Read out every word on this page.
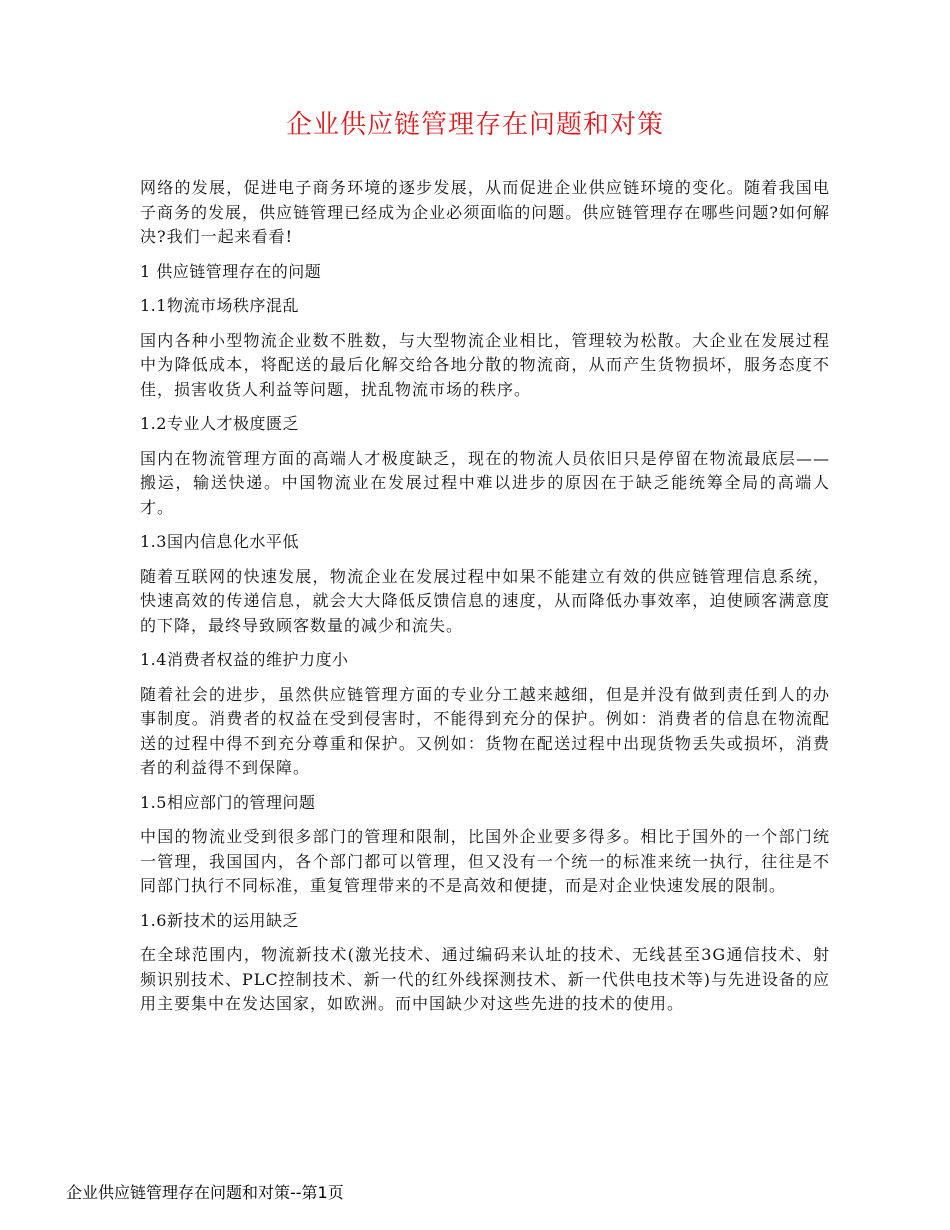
企业供应链管理存在问题和对策

网络的发展，促进电子商务环境的逐步发展，从而促进企业供应链环境的变化。随着我国电子商务的发展，供应链管理已经成为企业必须面临的问题。供应链管理存在哪些问题?如何解决?我们一起来看看!

1 供应链管理存在的问题

1.1物流市场秩序混乱

国内各种小型物流企业数不胜数，与大型物流企业相比，管理较为松散。大企业在发展过程中为降低成本，将配送的最后化解交给各地分散的物流商，从而产生货物损坏，服务态度不佳，损害收货人利益等问题，扰乱物流市场的秩序。

1.2专业人才极度匮乏

国内在物流管理方面的高端人才极度缺乏，现在的物流人员依旧只是停留在物流最底层——搬运，输送快递。中国物流业在发展过程中难以进步的原因在于缺乏能统筹全局的高端人才。

1.3国内信息化水平低

随着互联网的快速发展，物流企业在发展过程中如果不能建立有效的供应链管理信息系统，快速高效的传递信息，就会大大降低反馈信息的速度，从而降低办事效率，迫使顾客满意度的下降，最终导致顾客数量的减少和流失。

1.4消费者权益的维护力度小

随着社会的进步，虽然供应链管理方面的专业分工越来越细，但是并没有做到责任到人的办事制度。消费者的权益在受到侵害时，不能得到充分的保护。例如：消费者的信息在物流配送的过程中得不到充分尊重和保护。又例如：货物在配送过程中出现货物丢失或损坏，消费者的利益得不到保障。

1.5相应部门的管理问题

中国的物流业受到很多部门的管理和限制，比国外企业要多得多。相比于国外的一个部门统一管理，我国国内，各个部门都可以管理，但又没有一个统一的标准来统一执行，往往是不同部门执行不同标准，重复管理带来的不是高效和便捷，而是对企业快速发展的限制。

1.6新技术的运用缺乏

在全球范围内，物流新技术(激光技术、通过编码来认址的技术、无线甚至3G通信技术、射频识别技术、PLC控制技术、新一代的红外线探测技术、新一代供电技术等)与先进设备的应用主要集中在发达国家，如欧洲。而中国缺少对这些先进的技术的使用。

企业供应链管理存在问题和对策--第1页
